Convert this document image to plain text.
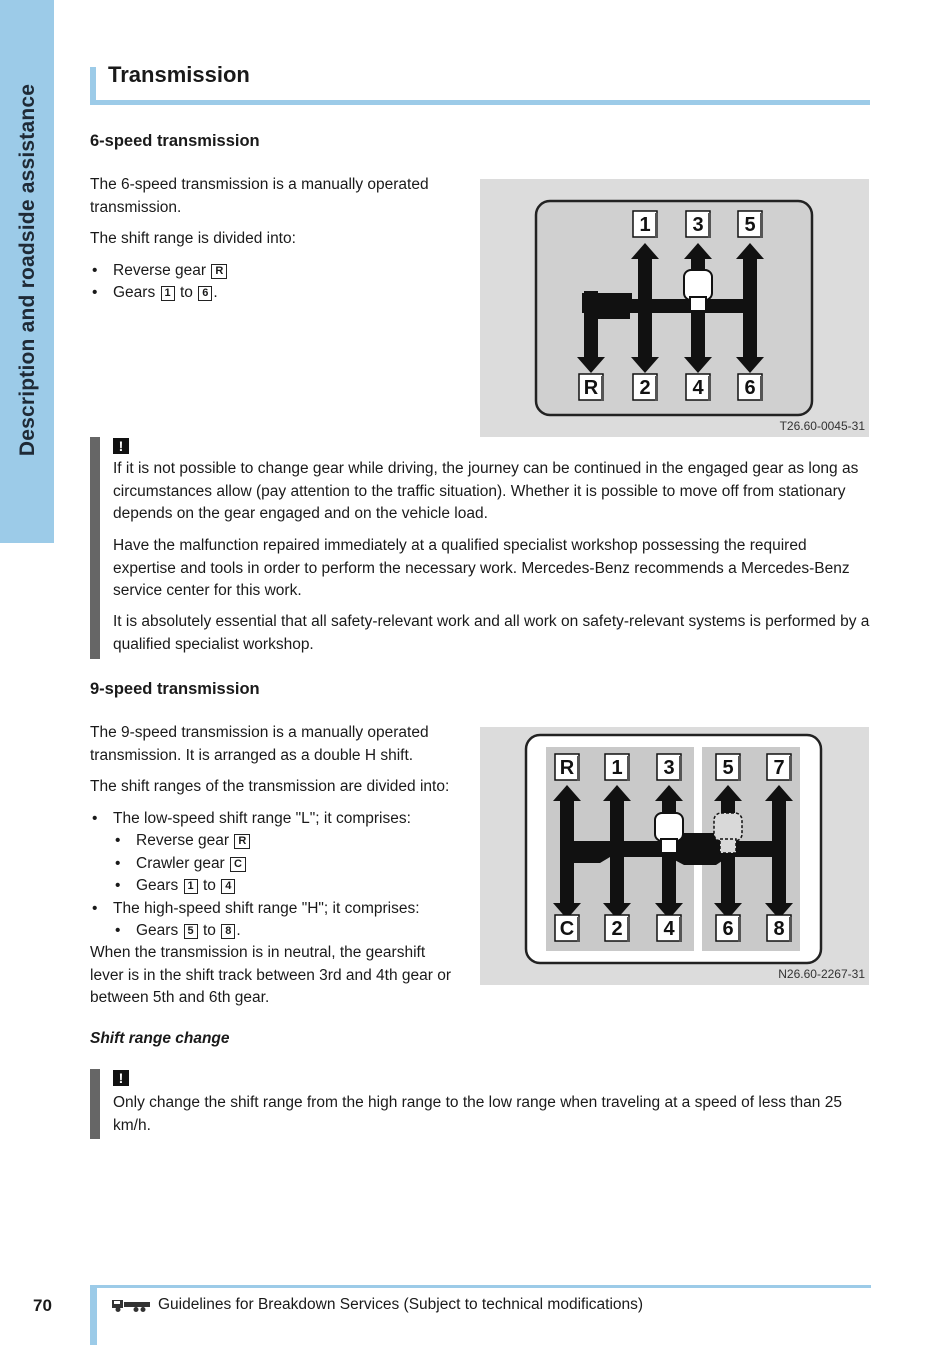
Description and roadside assistance
Transmission
6-speed transmission

The 6-speed transmission is a manually operated transmission.

The shift range is divided into:

• Reverse gear R
• Gears 1 to 6 .
1 3 5
R 2 4 6
T26.60-0045-31
!

If it is not possible to change gear while driving, the journey can be continued in the engaged gear as long as circumstances allow (pay attention to the traffic situation). Whether it is possible to move off from stationary depends on the gear engaged and on the vehicle load.

Have the malfunction repaired immediately at a qualified specialist workshop possessing the required expertise and tools in order to perform the necessary work. Mercedes-Benz recommends a Mercedes-Benz service center for this work.

It is absolutely essential that all safety-relevant work and all work on safety-relevant systems is performed by a qualified specialist workshop.

9-speed transmission

The 9-speed transmission is a manually operated transmission. It is arranged as a double H shift.

The shift ranges of the transmission are divided into:

• The low-speed shift range "L"; it comprises:
• Reverse gear R
• Crawler gear C
• Gears 1 to 4
• The high-speed shift range "H"; it comprises:
• Gears 5 to 8 .

When the transmission is in neutral, the gearshift lever is in the shift track between 3rd and 4th gear or between 5th and 6th gear.

R 1 3 5 7
C 2 4 6 8
N26.60-2267-31
Shift range change
!

Only change the shift range from the high range to the low range when traveling at a speed of less than 25 km/h.

70	Guidelines for Breakdown Services (Subject to technical modifications)
